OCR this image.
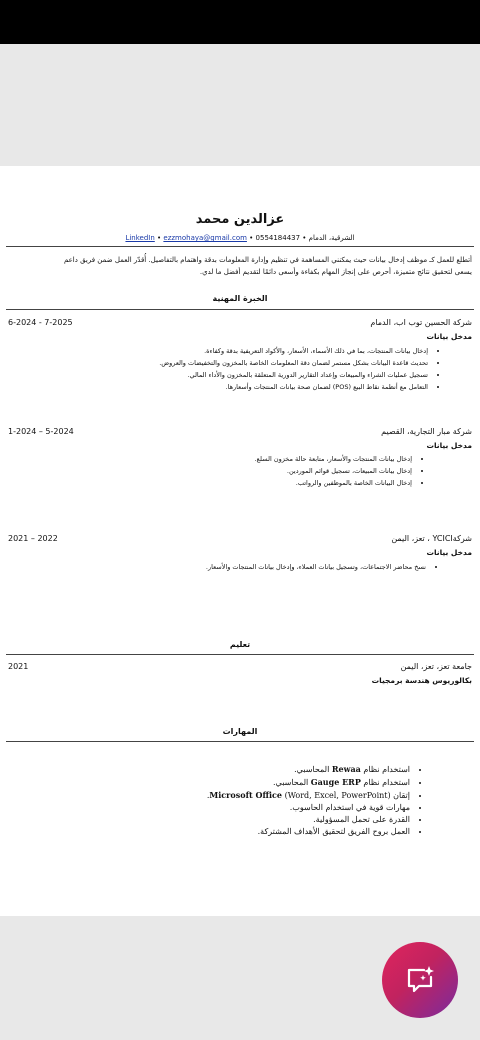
عزالدين محمد
الشرقية، الدمام • 0554184437 • LinkedIn • ezzmohaya@gmail.com
أتطلع للعمل كـ موظف إدخال بيانات حيث يمكنني المساهمة في تنظيم وإدارة المعلومات بدقة واهتمام بالتفاصيل. أُقدّر العمل ضمن فريق داعم
يسعى لتحقيق نتائج متميزة، أحرص على إنجاز المهام بكفاءة وأسعى دائمًا لتقديم أفضل ما لدي.
الخبرة المهنية
شركة الحسين توب اب، الدمام
6-2024 - 7-2025
مدخل بيانات
• إدخال بيانات المنتجات، بما في ذلك الأسماء، الأسعار، والأكواد التعريفية بدقة وكفاءة.
• تحديث قاعدة البيانات بشكل مستمر لضمان دقة المعلومات الخاصة بالمخزون والتخفيضات والعروض.
• تسجيل عمليات الشراء والمبيعات وإعداد التقارير الدورية المتعلقة بالمخزون والأداء المالي.
• التعامل مع أنظمة نقاط البيع (POS) لضمان صحة بيانات المنتجات وأسعارها.
شركة مبار التجارية، القصيم
1-2024 – 5-2024
مدخل بيانات
• إدخال بيانات المنتجات والأسعار، متابعة حالة مخزون السلع.
• إدخال بيانات المبيعات، تسجيل قوائم الموردين.
• إدخال البيانات الخاصة بالموظفين والرواتب.
شركةYCICI ، تعز، اليمن
2021 – 2022
مدخل بيانات
• نسخ محاضر الاجتماعات، وتسجيل بيانات العملاء، وإدخال بيانات المنتجات والأسعار.
تعليم
جامعة تعز، تعز، اليمن
2021
بكالوريوس هندسة برمجيات
المهارات
• استخدام نظام Rewaa المحاسبي.
• استخدام نظام Gauge ERP المحاسبي.
• إتقان Microsoft Office (Word, Excel, PowerPoint).
• مهارات قوية في استخدام الحاسوب.
• القدرة على تحمل المسؤولية.
• العمل بروح الفريق لتحقيق الأهداف المشتركة.
